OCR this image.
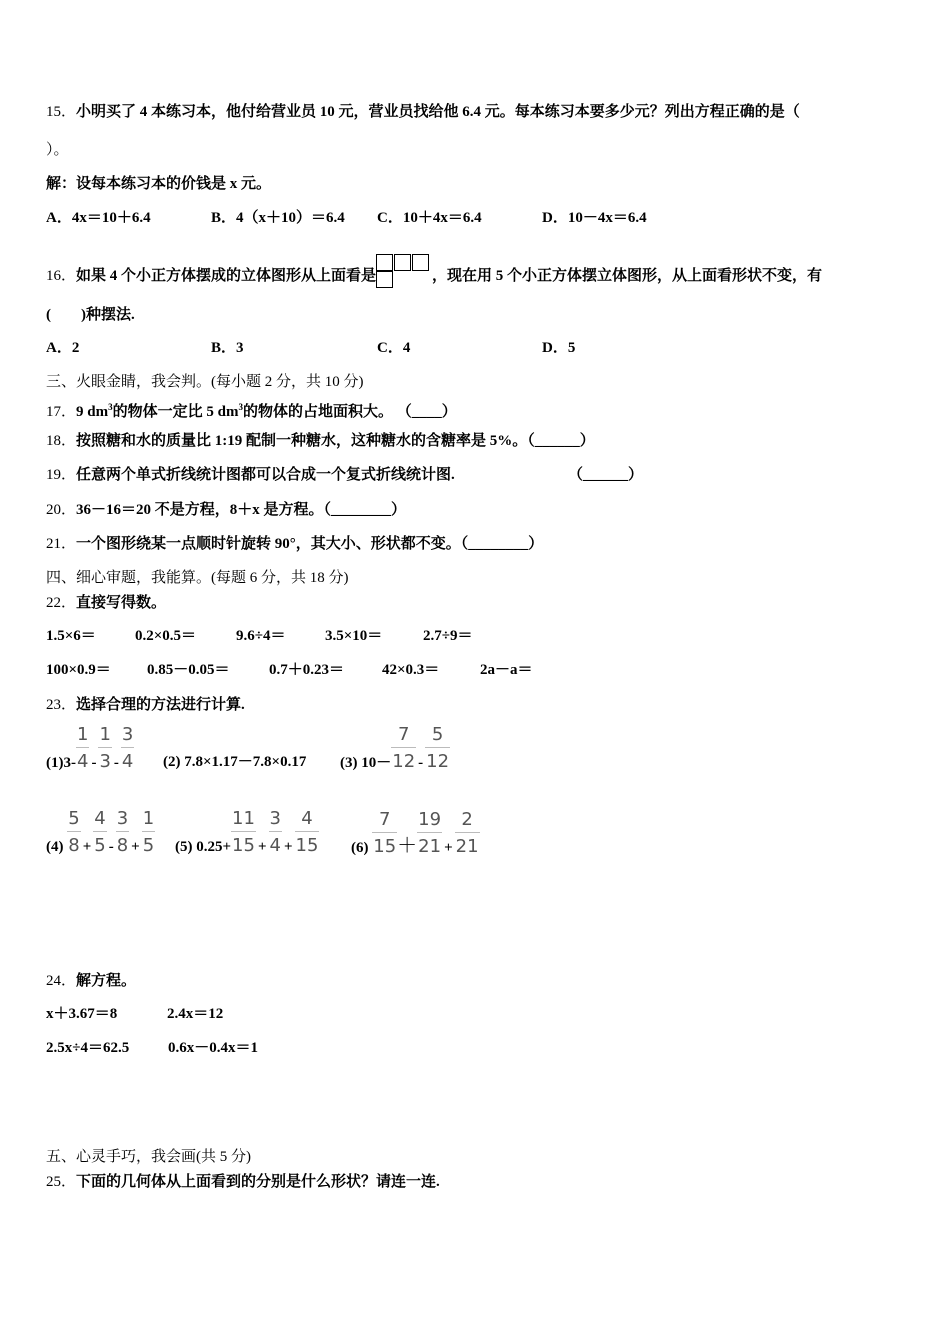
15．小明买了 4 本练习本，他付给营业员 10 元，营业员找给他 6.4 元。每本练习本要多少元？列出方程正确的是（
）。
解：设每本练习本的价钱是 x 元。
A．4x＝10＋6.4	B．4（x＋10）＝6.4 C．10＋4x＝6.4	D．10－4x＝6.4
16．如果 4 个小正方体摆成的立体图形从上面看是	，现在用 5 个小正方体摆立体图形，从上面看形状不变，有
(　　)种摆法.
A．2	B．3	C．4	D．5
三、火眼金睛，我会判。(每小题 2 分，共 10 分)
17．9 $dm^3$的物体一定比 5 $dm^3$的物体的占地面积大。 （____）
18．按照糖和水的质量比 1:19 配制一种糖水，这种糖水的含糖率是 5%。（______）
19．任意两个单式折线统计图都可以合成一个复式折线统计图.	（______）
20．36－16＝20 不是方程，8＋x 是方程。（________）
21．一个图形绕某一点顺时针旋转 90°，其大小、形状都不变。（________）
四、细心审题，我能算。(每题 6 分，共 18 分)
22．直接写得数。
1.5×6＝	0.2×0.5＝	9.6÷4＝	3.5×10＝	2.7÷9＝
100×0.9＝ 0.85－0.05＝	0.7＋0.23＝	42×0.3＝	2a－a＝
23．选择合理的方法进行计算.
$(1)3- \frac{1}{4} - \frac{1}{3} - \frac{3}{4} (2)$ 7.8×1.17－7.8×0.17 (3) $10- \frac{7}{12} - \frac{5}{12}$
$(4) \frac{5}{8} + \frac{4}{5} - \frac{3}{8} + \frac{1}{5} (5)$ $0.25+ \frac{11}{15} + \frac{3}{4} + \frac{4}{15} (6) \frac{7}{15}+ \frac{19}{21} + \frac{2}{21}$
24．解方程。
x＋3.67＝8	2.4x＝12
2.5x÷4＝62.5	0.6x－0.4x＝1
五、心灵手巧，我会画(共 5 分)
25．下面的几何体从上面看到的分别是什么形状？请连一连.
